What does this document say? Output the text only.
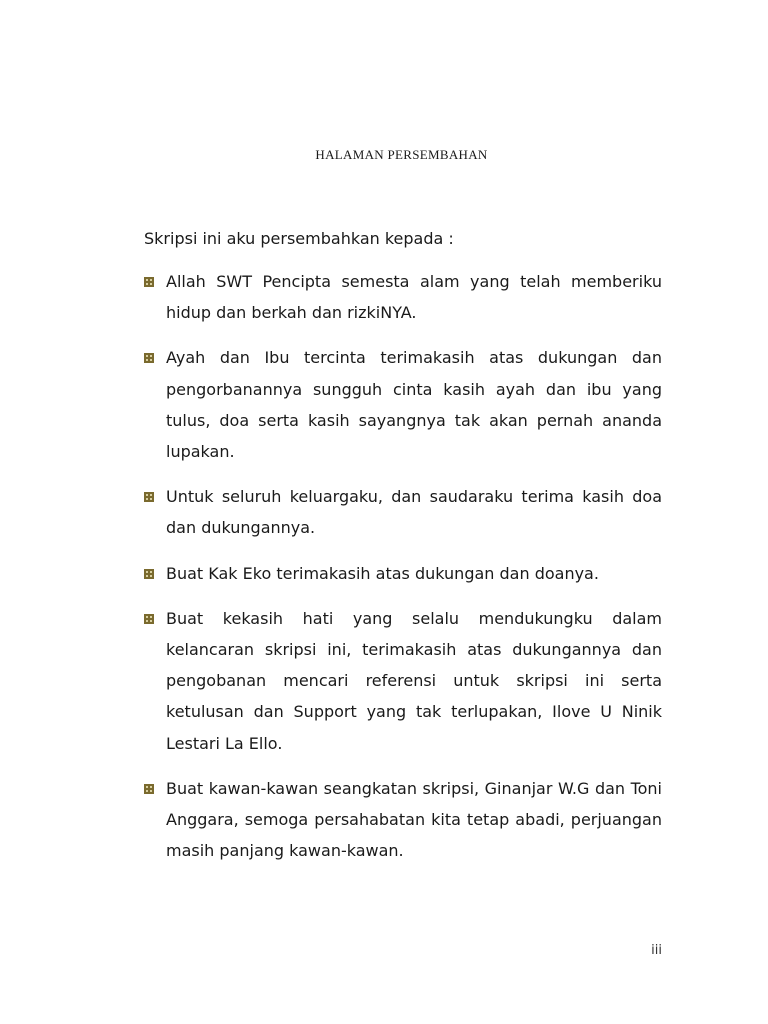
HALAMAN PERSEMBAHAN
Skripsi ini aku persembahkan kepada :
Allah SWT Pencipta semesta alam yang telah memberiku hidup dan berkah dan rizkiNYA.
Ayah dan Ibu tercinta terimakasih atas dukungan dan pengorbanannya sungguh cinta kasih ayah dan ibu yang tulus, doa serta kasih sayangnya tak akan pernah ananda lupakan.
Untuk seluruh keluargaku, dan saudaraku terima kasih doa dan dukungannya.
Buat Kak Eko terimakasih atas dukungan dan doanya.
Buat kekasih hati yang selalu mendukungku dalam kelancaran skripsi ini, terimakasih atas dukungannya dan pengobanan mencari referensi untuk skripsi ini serta ketulusan dan Support yang tak terlupakan, Ilove U Ninik Lestari La Ello.
Buat kawan-kawan seangkatan skripsi, Ginanjar W.G dan Toni Anggara, semoga persahabatan kita tetap abadi, perjuangan masih panjang kawan-kawan.
iii
